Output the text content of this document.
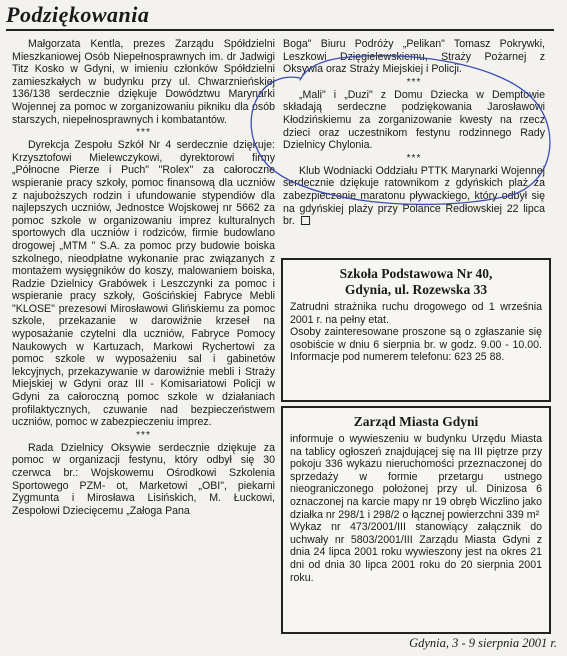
Podziękowania

Małgorzata Kentla, prezes Zarządu Spółdzielni Mieszkaniowej Osób Niepełnosprawnych im. dr Jadwigi Titz Kosko w Gdyni, w imieniu członków Spółdzielni zamieszkałych w budynku przy ul. Chwarznieńskiej 136/138 serdecznie dziękuje Dowództwu Marynarki Wojennej za pomoc w zorganizowaniu pikniku dla osób starszych, niepełnosprawnych i kombatantów.

***

Dyrekcja Zespołu Szkół Nr 4 serdecznie dziękuje: Krzysztofowi Mielewczykowi, dyrektorowi firmy „Północne Pierze i Puch" "Rolex" za całoroczne wspieranie pracy szkoły, pomoc finansową dla uczniów z najuboższych rodzin i ufundowanie stypendiów dla najlepszych uczniów, Jednostce Wojskowej nr 5662 za pomoc szkole w organizowaniu imprez kulturalnych sportowych dla uczniów i rodziców, firmie budowlano drogowej „MTM " S.A. za pomoc przy budowie boiska szkolnego, nieodpłatne wykonanie prac związanych z montażem wysięgników do koszy, malowaniem boiska, Radzie Dzielnicy Grabówek i Leszczynki za pomoc i wspieranie pracy szkoły, Gościńskiej Fabryce Mebli "KLOSE" prezesowi Mirosławowi Glińskiemu za pomoc szkole, przekazanie w darowiźnie krzeseł na wyposażanie czytelni dla uczniów, Fabryce Pomocy Naukowych w Kartuzach, Markowi Rychertowi za pomoc szkole w wyposażeniu sal i gabinetów lekcyjnych, przekazywanie w darowiźnie mebli i Straży Miejskiej w Gdyni oraz III - Komisariatowi Policji w Gdyni za całoroczną pomoc szkole w działaniach profilaktycznych, czuwanie nad bezpieczeństwem uczniów, pomoc w zabezpieczeniu imprez.

***

Rada Dzielnicy Oksywie serdecznie dziękuje za pomoc w organizacji festynu, który odbył się 30 czerwca br.: Wojskowemu Ośrodkowi Szkolenia Sportowego PZM- ot, Marketowi „OBI", piekarni Zygmunta i Mirosława Lisińskich, M. Łuckowi, Zespołowi Dziecięcemu „Załoga Pana

Boga" Biuru Podróży „Pelikan" Tomasz Pokrywki, Leszkowi Dzięgielewskiemu, Straży Pożarnej z Oksywia oraz Straży Miejskiej i Policji.

***

„Mali" i „Duzi" z Domu Dziecka w Demptowie składają serdeczne podziękowania Jarosławowi Kłodzińskiemu za zorganizowanie kwesty na rzecz dzieci oraz uczestnikom festynu rodzinnego Rady Dzielnicy Chylonia.

***

Klub Wodniacki Oddziału PTTK Marynarki Wojennej serdecznie dziękuje ratownikom z gdyńskich plaż za zabezpieczenie maratonu pływackiego, który odbył się na gdyńskiej plaży przy Polance Redłowskiej 22 lipca br.

Szkoła Podstawowa Nr 40,
Gdynia, ul. Rozewska 33

Zatrudni strażnika ruchu drogowego od 1 września 2001 r. na pełny etat.

Osoby zainteresowane proszone są o zgłaszanie się osobiście w dniu 6 sierpnia br. w godz. 9.00 - 10.00. Informacje pod numerem telefonu: 623 25 88.

Zarząd Miasta Gdyni

informuje o wywieszeniu w budynku Urzędu Miasta na tablicy ogłoszeń znajdującej się na III piętrze przy pokoju 336 wykazu nieruchomości przeznaczonej do sprzedaży w formie przetargu ustnego nieograniczonego położonej przy ul. Dinizosa 6 oznaczonej na karcie mapy nr 19 obręb Wiczlino jako działka nr 298/1 i 298/2 o łącznej powierzchni 339 m²

Wykaz nr 473/2001/III stanowiący załącznik do uchwały nr 5803/2001/III Zarządu Miasta Gdyni z dnia 24 lipca 2001 roku wywieszony jest na okres 21 dni od dnia 30 lipca 2001 roku do 20 sierpnia 2001 roku.

Gdynia, 3 - 9 sierpnia 2001 r.
